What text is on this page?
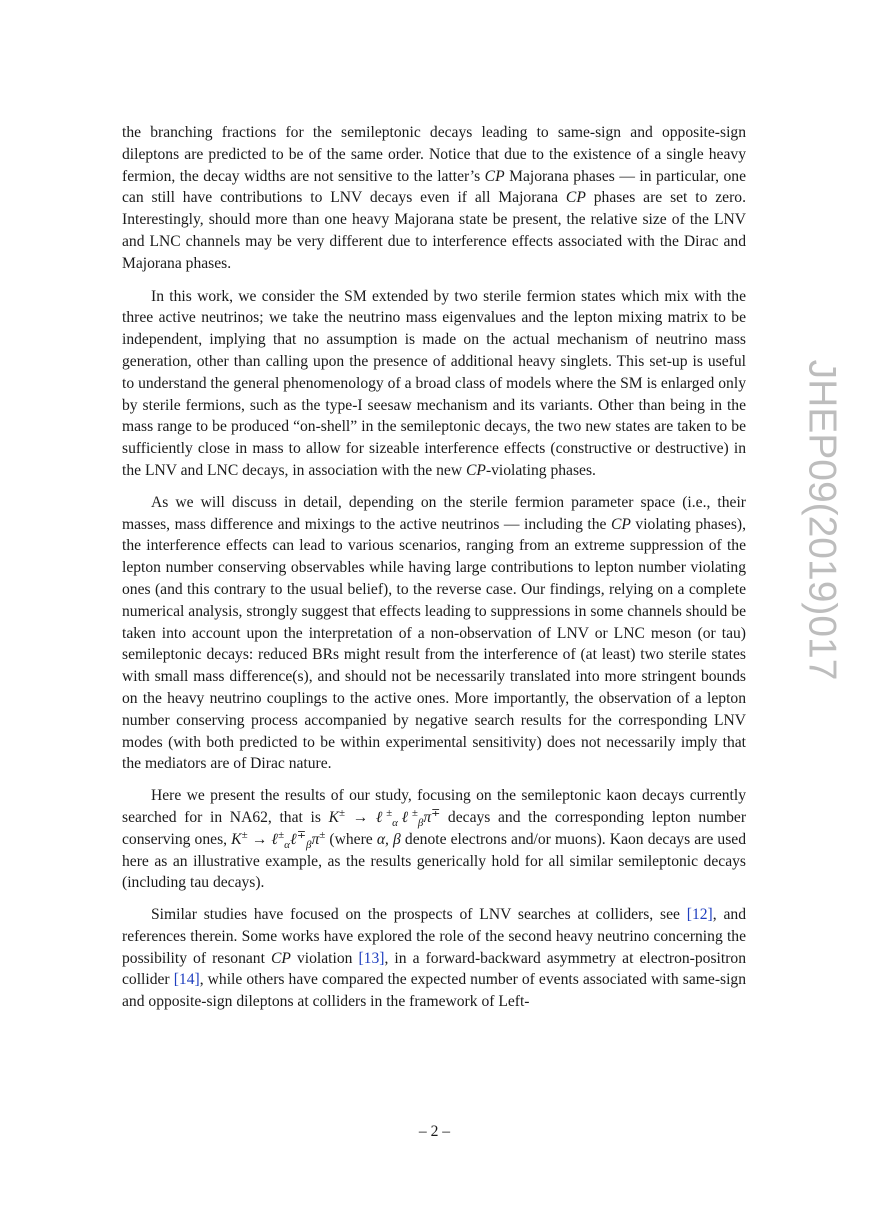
the branching fractions for the semileptonic decays leading to same-sign and opposite-sign dileptons are predicted to be of the same order. Notice that due to the existence of a single heavy fermion, the decay widths are not sensitive to the latter’s CP Majorana phases — in particular, one can still have contributions to LNV decays even if all Majorana CP phases are set to zero. Interestingly, should more than one heavy Majorana state be present, the relative size of the LNV and LNC channels may be very different due to interference effects associated with the Dirac and Majorana phases.

In this work, we consider the SM extended by two sterile fermion states which mix with the three active neutrinos; we take the neutrino mass eigenvalues and the lepton mixing matrix to be independent, implying that no assumption is made on the actual mechanism of neutrino mass generation, other than calling upon the presence of additional heavy singlets. This set-up is useful to understand the general phenomenology of a broad class of models where the SM is enlarged only by sterile fermions, such as the type-I seesaw mechanism and its variants. Other than being in the mass range to be produced “on-shell” in the semileptonic decays, the two new states are taken to be sufficiently close in mass to allow for sizeable interference effects (constructive or destructive) in the LNV and LNC decays, in association with the new CP-violating phases.

As we will discuss in detail, depending on the sterile fermion parameter space (i.e., their masses, mass difference and mixings to the active neutrinos — including the CP violating phases), the interference effects can lead to various scenarios, ranging from an extreme suppression of the lepton number conserving observables while having large contributions to lepton number violating ones (and this contrary to the usual belief), to the reverse case. Our findings, relying on a complete numerical analysis, strongly suggest that effects leading to suppressions in some channels should be taken into account upon the interpretation of a non-observation of LNV or LNC meson (or tau) semileptonic decays: reduced BRs might result from the interference of (at least) two sterile states with small mass difference(s), and should not be necessarily translated into more stringent bounds on the heavy neutrino couplings to the active ones. More importantly, the observation of a lepton number conserving process accompanied by negative search results for the corresponding LNV modes (with both predicted to be within experimental sensitivity) does not necessarily imply that the mediators are of Dirac nature.

Here we present the results of our study, focusing on the semileptonic kaon decays currently searched for in NA62, that is K± → ℓ±$_\alpha$ℓ±$_\beta$π∓ decays and the corresponding lepton number conserving ones, K± → ℓ±$_\alpha$ℓ∓$_\beta$π± (where α, β denote electrons and/or muons). Kaon decays are used here as an illustrative example, as the results generically hold for all similar semileptonic decays (including tau decays).

Similar studies have focused on the prospects of LNV searches at colliders, see [12], and references therein. Some works have explored the role of the second heavy neutrino concerning the possibility of resonant CP violation [13], in a forward-backward asymmetry at electron-positron collider [14], while others have compared the expected number of events associated with same-sign and opposite-sign dileptons at colliders in the framework of Left-

JHEP09(2019)017
– 2 –
